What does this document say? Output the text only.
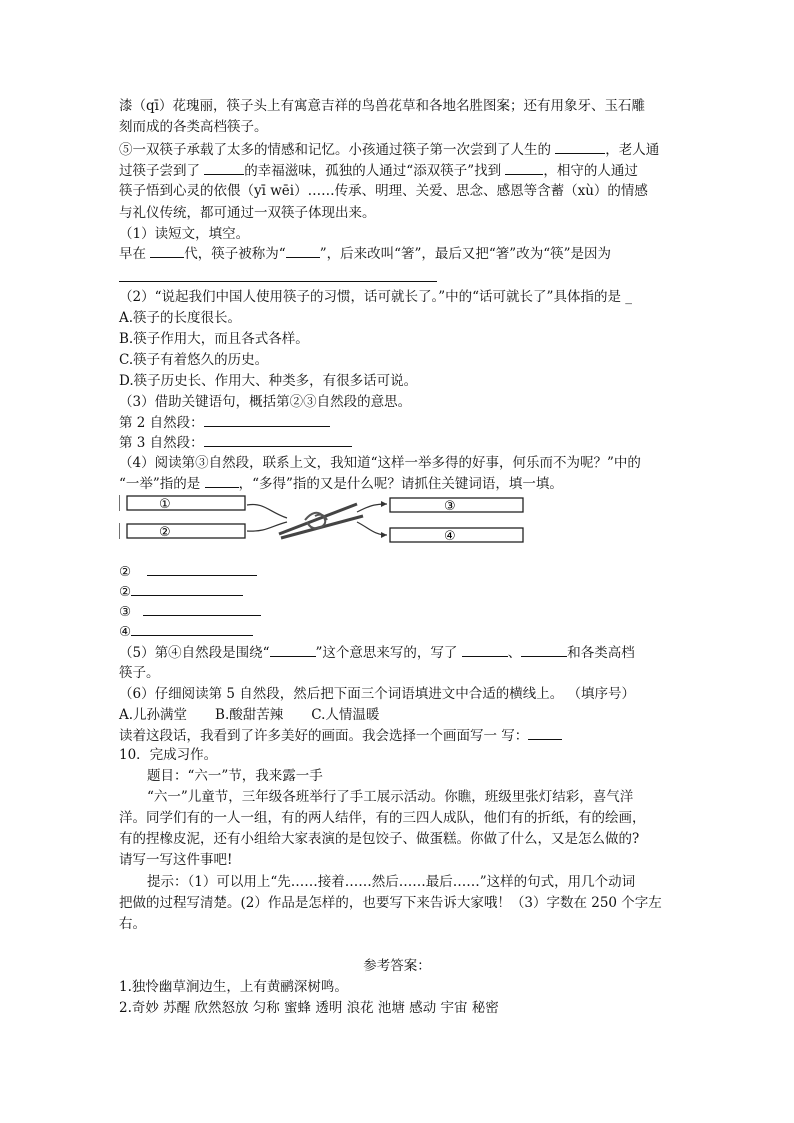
漆（qī）花瑰丽，筷子头上有寓意吉祥的鸟兽花草和各地名胜图案；还有用象牙、玉石雕
刻而成的各类高档筷子。
⑤一双筷子承载了太多的情感和记忆。小孩通过筷子第一次尝到了人生的	，老人通
过筷子尝到了	的幸福滋味，孤独的人通过“添双筷子”找到	，相守的人通过
筷子悟到心灵的依偎（yī wēi）……传承、明理、关爱、思念、感恩等含蓄（xù）的情感
与礼仪传统，都可通过一双筷子体现出来。
（1）读短文，填空。
早在	代，筷子被称为“	”，后来改叫“箸”，最后又把“箸”改为“筷”是因为
（2）“说起我们中国人使用筷子的习惯，话可就长了。”中的“话可就长了”具体指的是 _
A.筷子的长度很长。
B.筷子作用大，而且各式各样。
C.筷子有着悠久的历史。
D.筷子历史长、作用大、种类多，有很多话可说。
（3）借助关键语句，概括第②③自然段的意思。
第 2 自然段：
第 3 自然段：
（4）阅读第③自然段，联系上文，我知道“这样一举多得的好事，何乐而不为呢？”中的
“一举”指的是	，“多得”指的又是什么呢？请抓住关键词语，填一填。
①
②
③
④
②
②
③
④
（5）第④自然段是围绕“	”这个意思来写的，写了	、	和各类高档
筷子。
（6）仔细阅读第 5 自然段，然后把下面三个词语填进文中合适的横线上。 （填序号）
A.儿孙满堂 B.酸甜苦辣 C.人情温暖
读着这段话，我看到了许多美好的画面。我会选择一个画面写一 写：
10．完成习作。
题目：“六一”节，我来露一手
“六一”儿童节，三年级各班举行了手工展示活动。你瞧，班级里张灯结彩，喜气洋
洋。同学们有的一人一组，有的两人结伴，有的三四人成队，他们有的折纸，有的绘画，
有的捏橡皮泥，还有小组给大家表演的是包饺子、做蛋糕。你做了什么，又是怎么做的?
请写一写这件事吧!
提示：（1）可以用上“先……接着……然后……最后……”这样的句式，用几个动词
把做的过程写清楚。(2）作品是怎样的，也要写下来告诉大家哦！（3）字数在 250 个字左
右。
参考答案：
1.独怜幽草涧边生，上有黄鹂深树鸣。
2.奇妙 苏醒 欣然怒放 匀称 蜜蜂 透明 浪花 池塘 感动 宇宙 秘密
